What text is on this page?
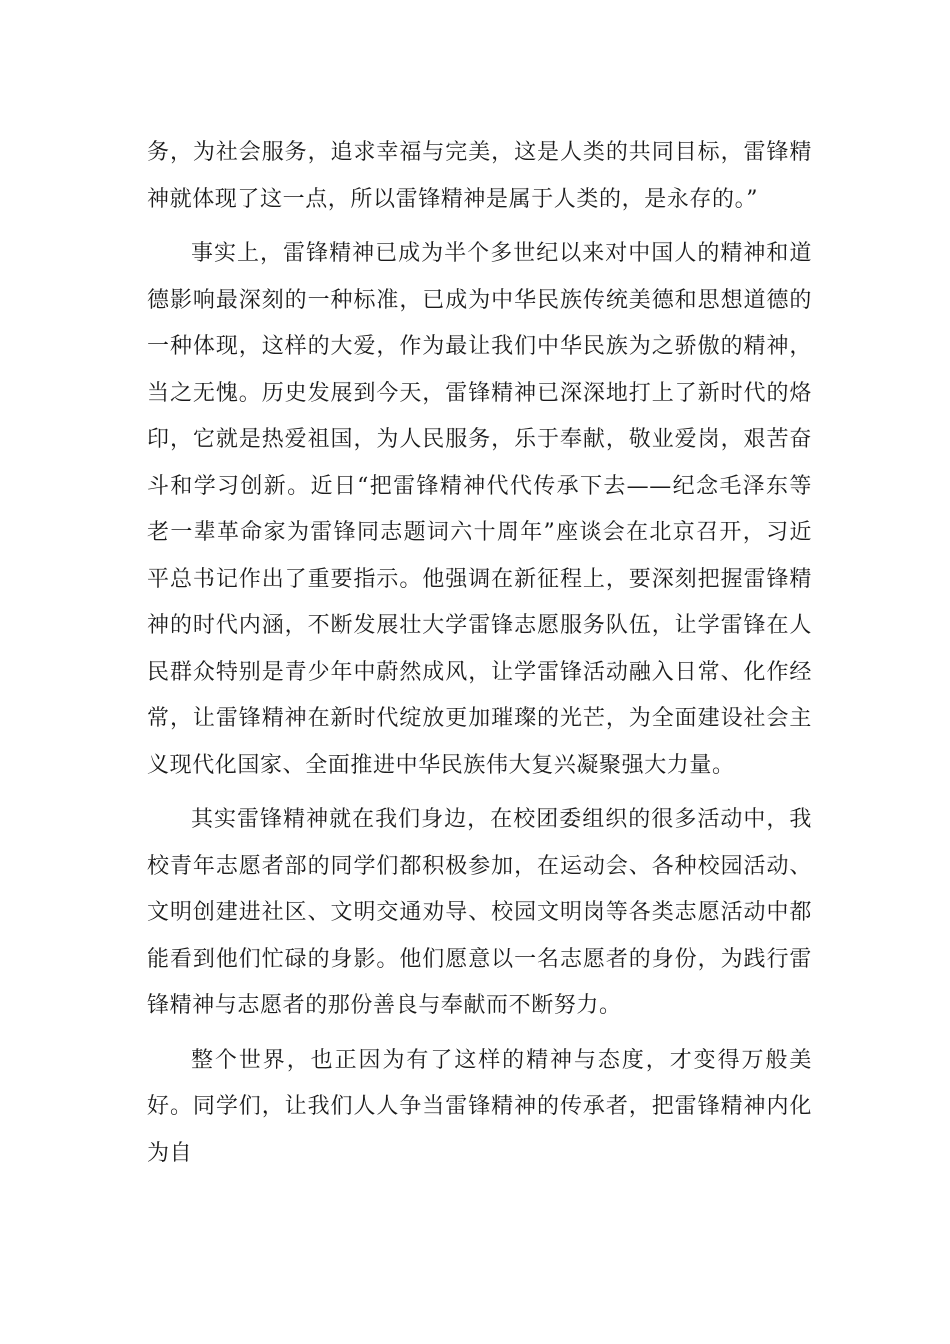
务，为社会服务，追求幸福与完美，这是人类的共同目标，雷锋精神就体现了这一点，所以雷锋精神是属于人类的，是永存的。”

事实上，雷锋精神已成为半个多世纪以来对中国人的精神和道德影响最深刻的一种标准，已成为中华民族传统美德和思想道德的一种体现，这样的大爱，作为最让我们中华民族为之骄傲的精神，当之无愧。历史发展到今天，雷锋精神已深深地打上了新时代的烙印，它就是热爱祖国，为人民服务，乐于奉献，敬业爱岗，艰苦奋斗和学习创新。近日“把雷锋精神代代传承下去——纪念毛泽东等老一辈革命家为雷锋同志题词六十周年”座谈会在北京召开，习近平总书记作出了重要指示。他强调在新征程上，要深刻把握雷锋精神的时代内涵，不断发展壮大学雷锋志愿服务队伍，让学雷锋在人民群众特别是青少年中蔚然成风，让学雷锋活动融入日常、化作经常，让雷锋精神在新时代绽放更加璀璨的光芒，为全面建设社会主义现代化国家、全面推进中华民族伟大复兴凝聚强大力量。

其实雷锋精神就在我们身边，在校团委组织的很多活动中，我校青年志愿者部的同学们都积极参加，在运动会、各种校园活动、文明创建进社区、文明交通劝导、校园文明岗等各类志愿活动中都能看到他们忙碌的身影。他们愿意以一名志愿者的身份，为践行雷锋精神与志愿者的那份善良与奉献而不断努力。

整个世界，也正因为有了这样的精神与态度，才变得万般美好。同学们，让我们人人争当雷锋精神的传承者，把雷锋精神内化为自
